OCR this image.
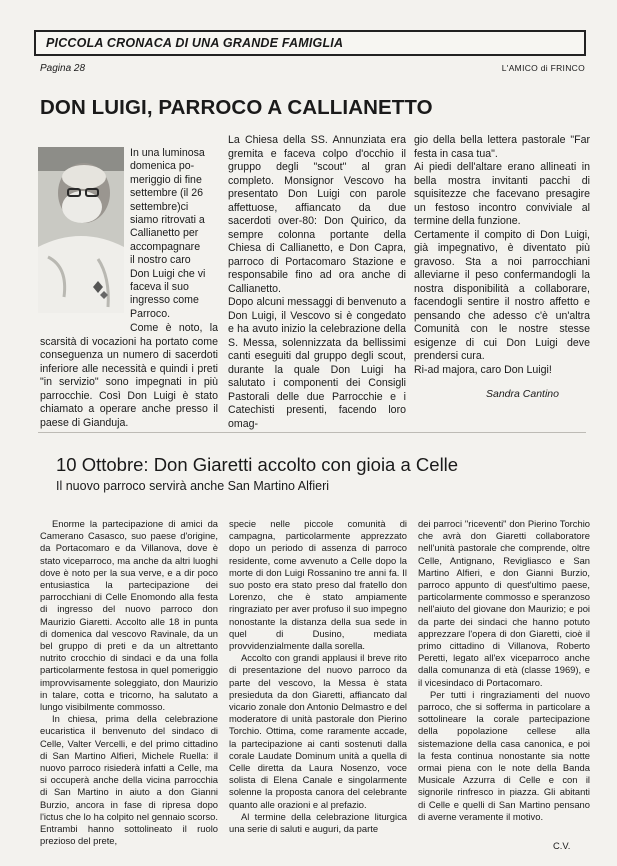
PICCOLA CRONACA DI UNA GRANDE FAMIGLIA
Pagina 28	L'AMICO di FRINCO
DON LUIGI, PARROCO A CALLIANETTO
In una luminosa
domenica po-
meriggio di fine
settembre (il 26
settembre)ci
siamo ritrovati a
Callianetto per
accompagnare
il nostro caro
Don Luigi che vi
faceva il suo
ingresso come
Parroco.

Come è noto, la scarsità di vocazioni ha portato come conseguenza un numero di sacerdoti inferiore alle necessità e quindi i preti "in servizio" sono impegnati in più parrocchie. Così Don Luigi è stato chiamato a operare anche presso il paese di Gianduja.

La Chiesa della SS. Annunziata era gremita e faceva colpo d'occhio il gruppo degli "scout" al gran completo. Monsignor Vescovo ha presentato Don Luigi con parole affettuose, affiancato da due sacerdoti over-80: Don Quirico, da sempre colonna portante della Chiesa di Callianetto, e Don Capra, parroco di Portacomaro Stazione e responsabile fino ad ora anche di Callianetto.

Dopo alcuni messaggi di benvenuto a Don Luigi, il Vescovo si è congedato e ha avuto inizio la celebrazione della S. Messa, solennizzata da bellissimi canti eseguiti dal gruppo degli scout, durante la quale Don Luigi ha salutato i componenti dei Consigli Pastorali delle due Parrocchie e i Catechisti presenti, facendo loro omag-

gio della bella lettera pastorale "Far festa in casa tua".

Ai piedi dell'altare erano allineati in bella mostra invitanti pacchi di squisitezze che facevano presagire un festoso incontro conviviale al termine della funzione.

Certamente il compito di Don Luigi, già impegnativo, è diventato più gravoso. Sta a noi parrocchiani alleviarne il peso confermandogli la nostra disponibilità a collaborare, facendogli sentire il nostro affetto e pensando che adesso c'è un'altra Comunità con le nostre stesse esigenze di cui Don Luigi deve prendersi cura.

Ri-ad majora, caro Don Luigi!

Sandra Cantino
10 Ottobre: Don Giaretti accolto con gioia a Celle
Il nuovo parroco servirà anche San Martino Alfieri

Enorme la partecipazione di amici da Camerano Casasco, suo paese d'origine, da Portacomaro e da Villanova, dove è stato viceparroco, ma anche da altri luoghi dove è noto per la sua verve, e a dir poco entusiastica la partecipazione dei parrocchiani di Celle Enomondo alla festa di ingresso del nuovo parroco don Maurizio Giaretti. Accolto alle 18 in punta di domenica dal vescovo Ravinale, da un bel gruppo di preti e da un altrettanto nutrito crocchio di sindaci e da una folla particolarmente festosa in quel pomeriggio improvvisamente soleggiato, don Maurizio in talare, cotta e tricorno, ha salutato a lungo visibilmente commosso.

In chiesa, prima della celebrazione eucaristica il benvenuto del sindaco di Celle, Valter Vercelli, e del primo cittadino di San Martino Alfieri, Michele Ruella: il nuovo parroco risiederà infatti a Celle, ma si occuperà anche della vicina parrocchia di San Martino in aiuto a don Gianni Burzio, ancora in fase di ripresa dopo l'ictus che lo ha colpito nel gennaio scorso. Entrambi hanno sottolineato il ruolo prezioso del prete,

specie nelle piccole comunità di campagna, particolarmente apprezzato dopo un periodo di assenza di parroco residente, come avvenuto a Celle dopo la morte di don Luigi Rossanino tre anni fa. Il suo posto era stato preso dal fratello don Lorenzo, che è stato ampiamente ringraziato per aver profuso il suo impegno nonostante la distanza della sua sede in quel di Dusino, mediata provvidenzialmente dalla sorella.

Accolto con grandi applausi il breve rito di presentazione del nuovo parroco da parte del vescovo, la Messa è stata presieduta da don Giaretti, affiancato dal vicario zonale don Antonio Delmastro e del moderatore di unità pastorale don Pierino Torchio. Ottima, come raramente accade, la partecipazione ai canti sostenuti dalla corale Laudate Dominum unità a quella di Celle diretta da Laura Nosenzo, voce solista di Elena Canale e singolarmente solenne la proposta canora del celebrante quanto alle orazioni e al prefazio.

Al termine della celebrazione liturgica una serie di saluti e auguri, da parte

dei parroci "riceventi" don Pierino Torchio che avrà don Giaretti collaboratore nell'unità pastorale che comprende, oltre Celle, Antignano, Revigliasco e San Martino Alfieri, e don Gianni Burzio, parroco appunto di quest'ultimo paese, particolarmente commosso e speranzoso nell'aiuto del giovane don Maurizio; e poi da parte dei sindaci che hanno potuto apprezzare l'opera di don Giaretti, cioè il primo cittadino di Villanova, Roberto Peretti, legato all'ex viceparroco anche dalla comunanza di età (classe 1969), e il vicesindaco di Portacomaro.

Per tutti i ringraziamenti del nuovo parroco, che si sofferma in particolare a sottolineare la corale partecipazione della popolazione cellese alla sistemazione della casa canonica, e poi la festa continua nonostante sia notte ormai piena con le note della Banda Musicale Azzurra di Celle e con il signorile rinfresco in piazza. Gli abitanti di Celle e quelli di San Martino pensano di averne veramente il motivo.

C.V.
